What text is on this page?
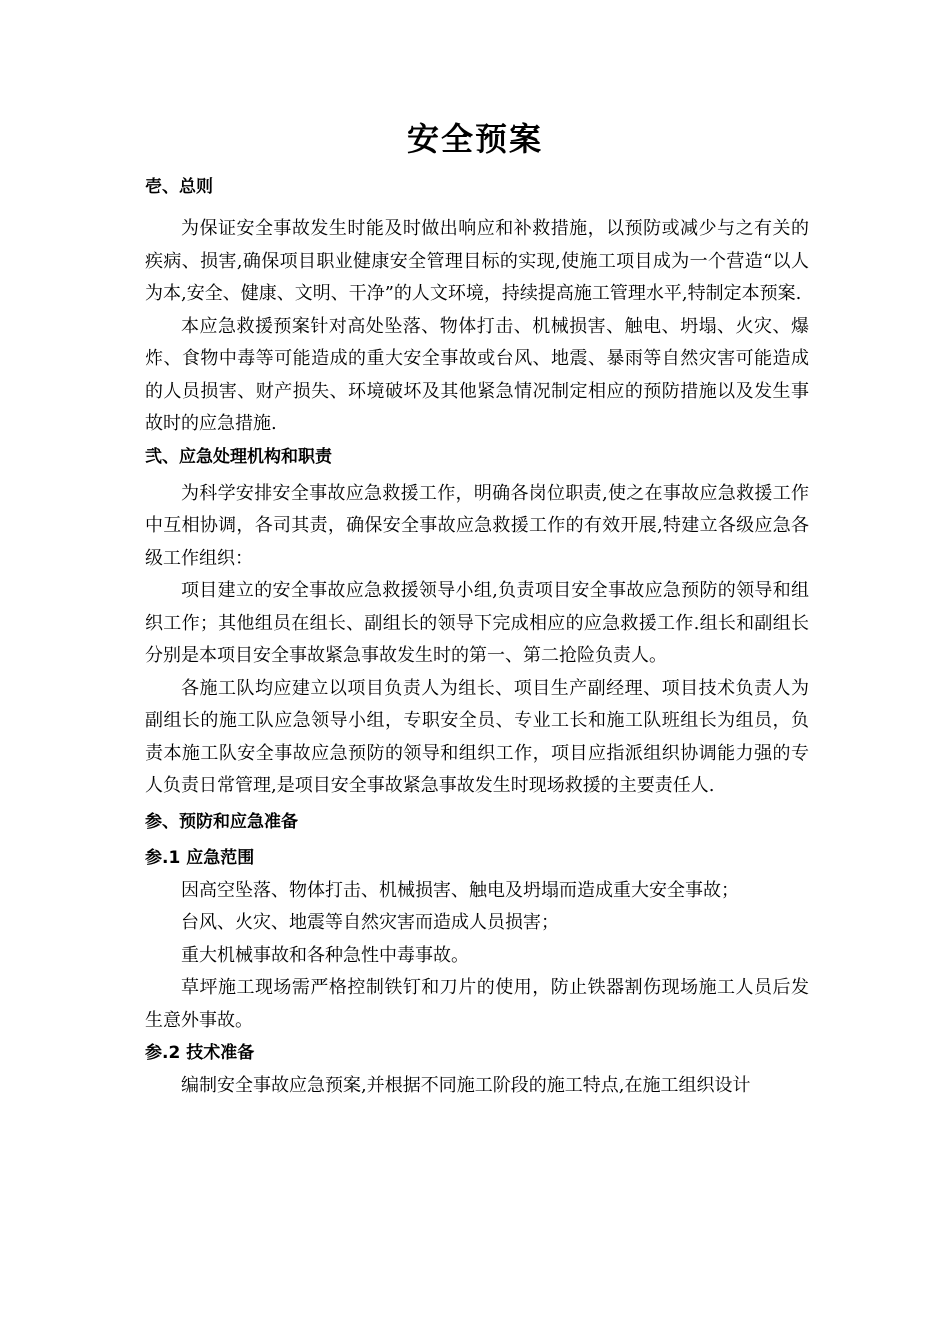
安全预案

壱、总则

为保证安全事故发生时能及时做出响应和补救措施，以预防或减少与之有关的疾病、损害,确保项目职业健康安全管理目标的实现,使施工项目成为一个营造“以人为本,安全、健康、文明、干净”的人文环境，持续提高施工管理水平,特制定本预案.

本应急救援预案针对高处坠落、物体打击、机械损害、触电、坍塌、火灾、爆炸、食物中毒等可能造成的重大安全事故或台风、地震、暴雨等自然灾害可能造成的人员损害、财产损失、环境破坏及其他紧急情况制定相应的预防措施以及发生事故时的应急措施.

弐、应急处理机构和职责

为科学安排安全事故应急救援工作，明确各岗位职责,使之在事故应急救援工作中互相协调，各司其责，确保安全事故应急救援工作的有效开展,特建立各级应急各级工作组织：

项目建立的安全事故应急救援领导小组,负责项目安全事故应急预防的领导和组织工作；其他组员在组长、副组长的领导下完成相应的应急救援工作.组长和副组长分别是本项目安全事故紧急事故发生时的第一、第二抢险负责人。

各施工队均应建立以项目负责人为组长、项目生产副经理、项目技术负责人为副组长的施工队应急领导小组，专职安全员、专业工长和施工队班组长为组员，负责本施工队安全事故应急预防的领导和组织工作，项目应指派组织协调能力强的专人负责日常管理,是项目安全事故紧急事故发生时现场救援的主要责任人.

参、预防和应急准备

参.1 应急范围

因高空坠落、物体打击、机械损害、触电及坍塌而造成重大安全事故；

台风、火灾、地震等自然灾害而造成人员损害；

重大机械事故和各种急性中毒事故。

草坪施工现场需严格控制铁钉和刀片的使用，防止铁器割伤现场施工人员后发生意外事故。

参.2 技术准备

编制安全事故应急预案,并根据不同施工阶段的施工特点,在施工组织设计
